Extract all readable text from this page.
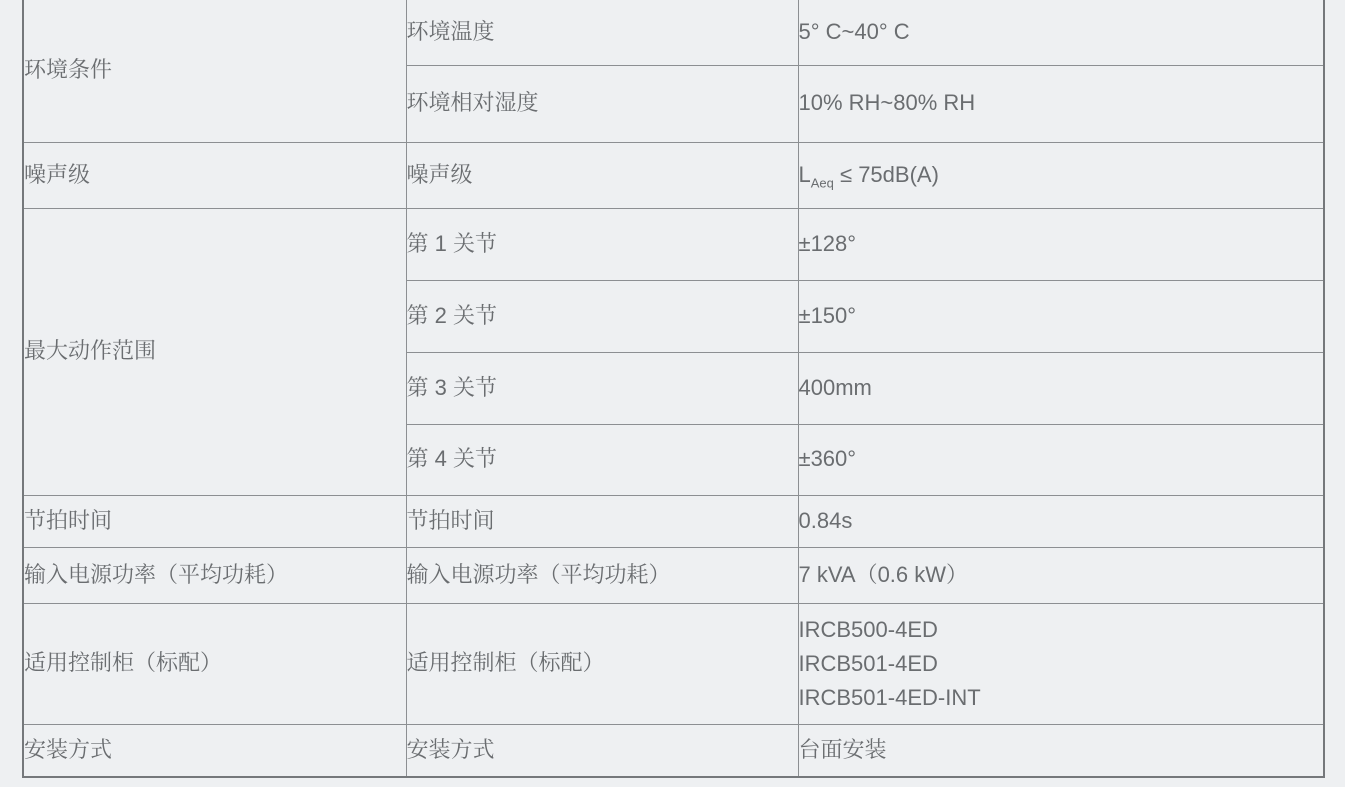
环境条件	环境温度	5° C~40° C
	环境相对湿度	10% RH~80% RH
噪声级	噪声级	$L_{Aeq} \le 75dB(A)$
最大动作范围	第 1 关节	±128°
	第 2 关节	±150°
	第 3 关节	400mm
	第 4 关节	±360°
节拍时间	节拍时间	0.84s
输入电源功率（平均功耗）	输入电源功率（平均功耗）	7 kVA（0.6 kW）
适用控制柜（标配）	适用控制柜（标配）	IRCB500-4ED
IRCB501-4ED
IRCB501-4ED-INT

安装方式	安装方式	台面安装
